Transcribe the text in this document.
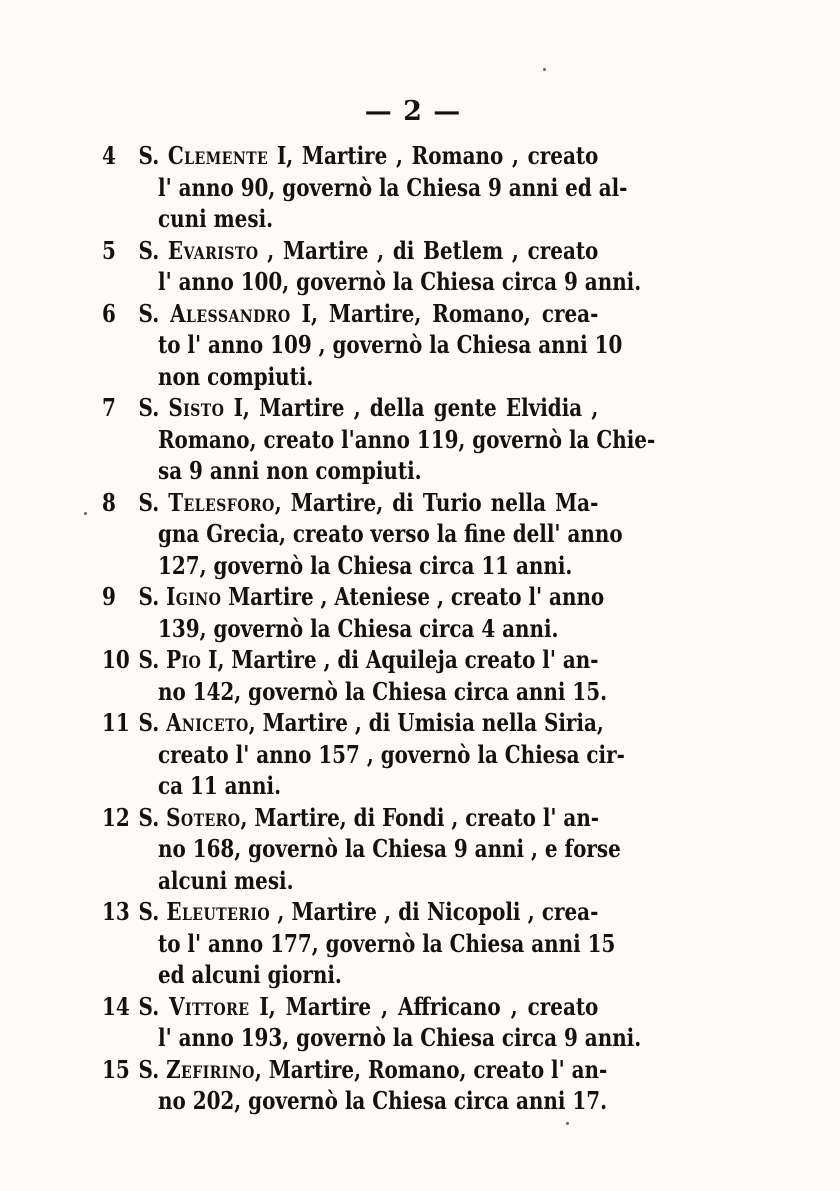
— 2 —
4 S. Clemente I, Martire , Romano , creato
l' anno 90, governò la Chiesa 9 anni ed al-
cuni mesi.
5 S. Evaristo , Martire , di Betlem , creato
l' anno 100, governò la Chiesa circa 9 anni.
6 S. Alessandro I, Martire, Romano, crea-
to l' anno 109 , governò la Chiesa anni 10
non compiuti.
7 S. Sisto I, Martire , della gente Elvidia ,
Romano, creato l'anno 119, governò la Chie-
sa 9 anni non compiuti.
8 S. Telesforo, Martire, di Turio nella Ma-
gna Grecia, creato verso la fine dell' anno
127, governò la Chiesa circa 11 anni.
9 S. Igino Martire , Ateniese , creato l' anno
139, governò la Chiesa circa 4 anni.
10 S. Pio I, Martire , di Aquileja creato l' an-
no 142, governò la Chiesa circa anni 15.
11 S. Aniceto, Martire , di Umisia nella Siria,
creato l' anno 157 , governò la Chiesa cir-
ca 11 anni.
12 S. Sotero, Martire, di Fondi , creato l' an-
no 168, governò la Chiesa 9 anni , e forse
alcuni mesi.
13 S. Eleuterio , Martire , di Nicopoli , crea-
to l' anno 177, governò la Chiesa anni 15
ed alcuni giorni.
14 S. Vittore I, Martire , Affricano , creato
l' anno 193, governò la Chiesa circa 9 anni.
15 S. Zefirino, Martire, Romano, creato l' an-
no 202, governò la Chiesa circa anni 17.
